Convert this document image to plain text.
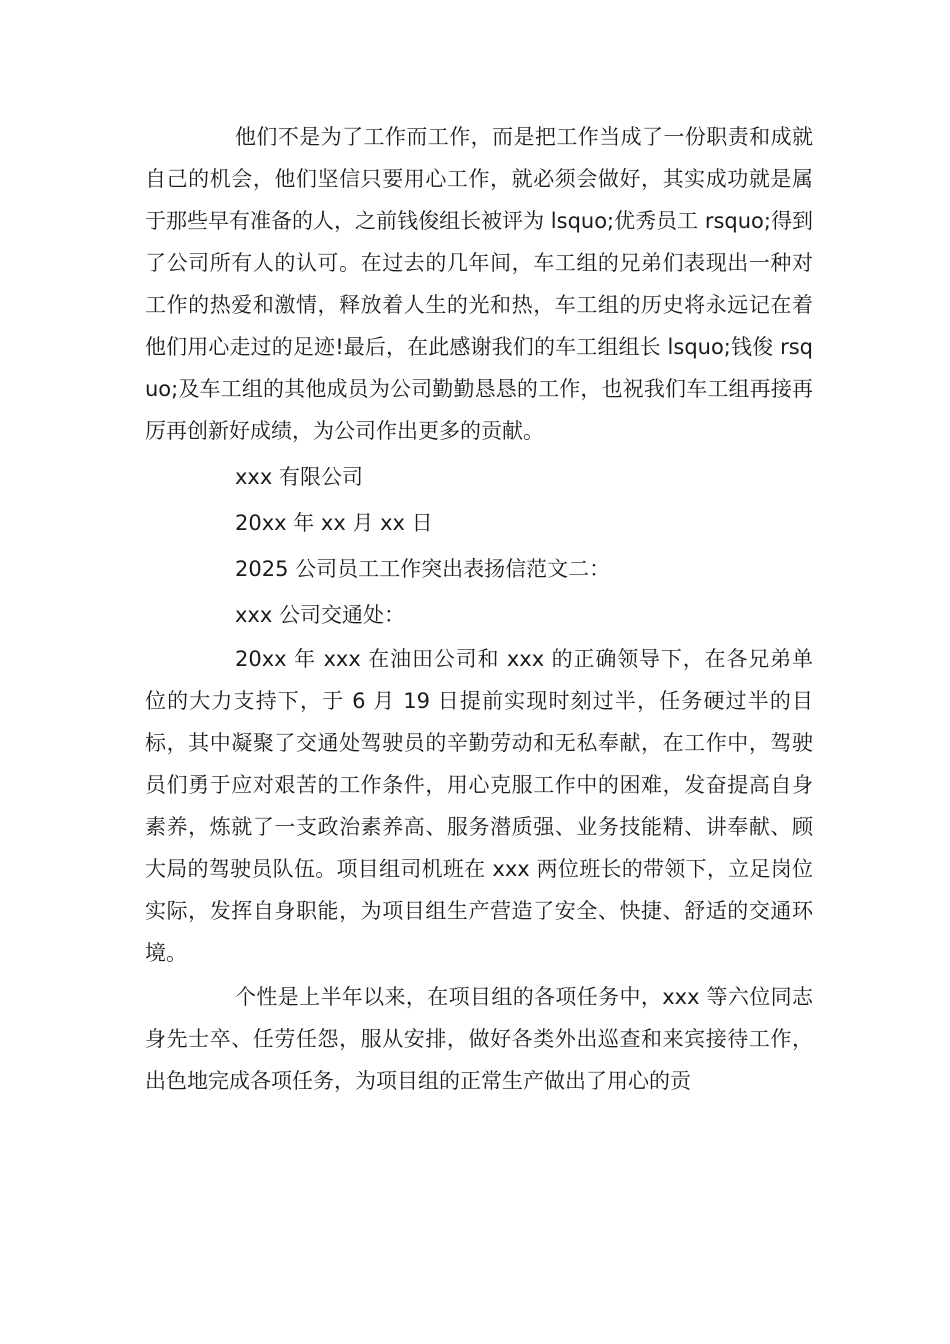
他们不是为了工作而工作，而是把工作当成了一份职责和成就自己的机会，他们坚信只要用心工作，就必须会做好，其实成功就是属于那些早有准备的人，之前钱俊组长被评为 lsquo;优秀员工 rsquo;得到了公司所有人的认可。在过去的几年间，车工组的兄弟们表现出一种对工作的热爱和激情，释放着人生的光和热，车工组的历史将永远记在着他们用心走过的足迹!最后，在此感谢我们的车工组组长 lsquo;钱俊 rsquo;及车工组的其他成员为公司勤勤恳恳的工作，也祝我们车工组再接再厉再创新好成绩，为公司作出更多的贡献。

xxx 有限公司

20xx 年 xx 月 xx 日

2025 公司员工工作突出表扬信范文二：

xxx 公司交通处：

20xx 年 xxx 在油田公司和 xxx 的正确领导下，在各兄弟单位的大力支持下，于 6 月 19 日提前实现时刻过半，任务硬过半的目标，其中凝聚了交通处驾驶员的辛勤劳动和无私奉献，在工作中，驾驶员们勇于应对艰苦的工作条件，用心克服工作中的困难，发奋提高自身素养，炼就了一支政治素养高、服务潜质强、业务技能精、讲奉献、顾大局的驾驶员队伍。项目组司机班在 xxx 两位班长的带领下，立足岗位实际，发挥自身职能，为项目组生产营造了安全、快捷、舒适的交通环境。

个性是上半年以来，在项目组的各项任务中，xxx 等六位同志身先士卒、任劳任怨，服从安排，做好各类外出巡查和来宾接待工作，出色地完成各项任务，为项目组的正常生产做出了用心的贡
